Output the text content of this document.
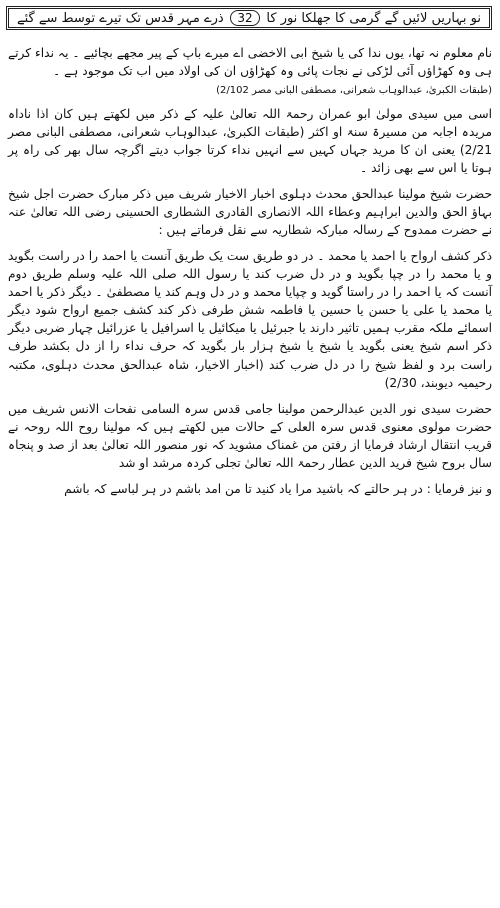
نو بہاریں لائیں گے گرمی کا جھلکا نور کا
32
ذرے مہر قدس تک تیرے توسط سے گئے

نام معلوم نہ تھا، یوں ندا کی یا شیخ ابی الاخضی اے میرے باپ کے پیر مجھے بچائیے ۔ یہ نداء کرتے ہی وہ کھڑاؤں آئی لڑکی نے نجات پائی وہ کھڑاؤں ان کی اولاد میں اب تک موجود ہے ۔

(طبقات الکبریٰ، عبدالوہاب شعرانی، مصطفی البانی مصر 2/102)

اسی میں سیدی مولیٰ ابو عمران رحمۃ اللہ تعالیٰ علیہ کے ذکر میں لکھتے ہیں کان اذا ناداہ مریدہ اجابہ من مسیرۃ سنۃ او اکثر (طبقات الکبریٰ، عبدالوہاب شعرانی، مصطفی البانی مصر 2/21) یعنی ان کا مرید جہاں کہیں سے انہیں نداء کرتا جواب دیتے اگرچہ سال بھر کی راہ پر ہوتا یا اس سے بھی زائد ۔

حضرت شیخ مولینا عبدالحق محدث دہلوی اخبار الاخیار شریف میں ذکر مبارک حضرت اجل شیخ بہاؤ الحق والدین ابراہیم وعطاء اللہ الانصاری القادری الشطاری الحسینی رضی اللہ تعالیٰ عنہ نے حضرت ممدوح کے رسالہ مبارکہ شطاریہ سے نقل فرماتے ہیں :

ذکر کشف ارواح یا احمد یا محمد ۔ در دو طریق ست یک طریق آنست یا احمد را در راست بگوید و یا محمد را در چپا بگوید و در دل ضرب کند یا رسول اللہ صلی اللہ علیہ وسلم طریق دوم آنست کہ یا احمد را در راستا گوید و چپایا محمد و در دل وہم کند یا مصطفیٰ ۔ دیگر ذکر یا احمد یا محمد یا علی یا حسن یا حسین یا فاطمہ شش طرفی ذکر کند کشف جمیع ارواح شود دیگر اسمائے ملکہ مقرب ہمیں تاثیر دارند یا جبرئیل یا میکائیل یا اسرافیل یا عزرائیل چہار ضربی دیگر ذکر اسم شیخ یعنی بگوید یا شیخ یا شیخ ہزار بار بگوید کہ حرف نداء را از دل بکشد طرف راست برد و لفظ شیخ را در دل ضرب کند (اخبار الاخیار، شاہ عبدالحق محدث دہلوی، مکتبہ رحیمیہ دیوبند، 2/30)

حضرت سیدی نور الدین عبدالرحمن مولینا جامی قدس سرہ السامی نفحات الانس شریف میں حضرت مولوی معنوی قدس سرہ العلی کے حالات میں لکھتے ہیں کہ مولینا روح اللہ روحہ نے قریب انتقال ارشاد فرمایا از رفتن من غمناک مشوید کہ نور منصور اللہ تعالیٰ بعد از صد و پنجاہ سال بروح شیخ فرید الدین عطار رحمۃ اللہ تعالیٰ تجلی کردہ مرشد او شد

و نیز فرمایا : در ہر حالتے کہ باشید مرا یاد کنید تا من امد باشم در ہر لباسے کہ باشم
